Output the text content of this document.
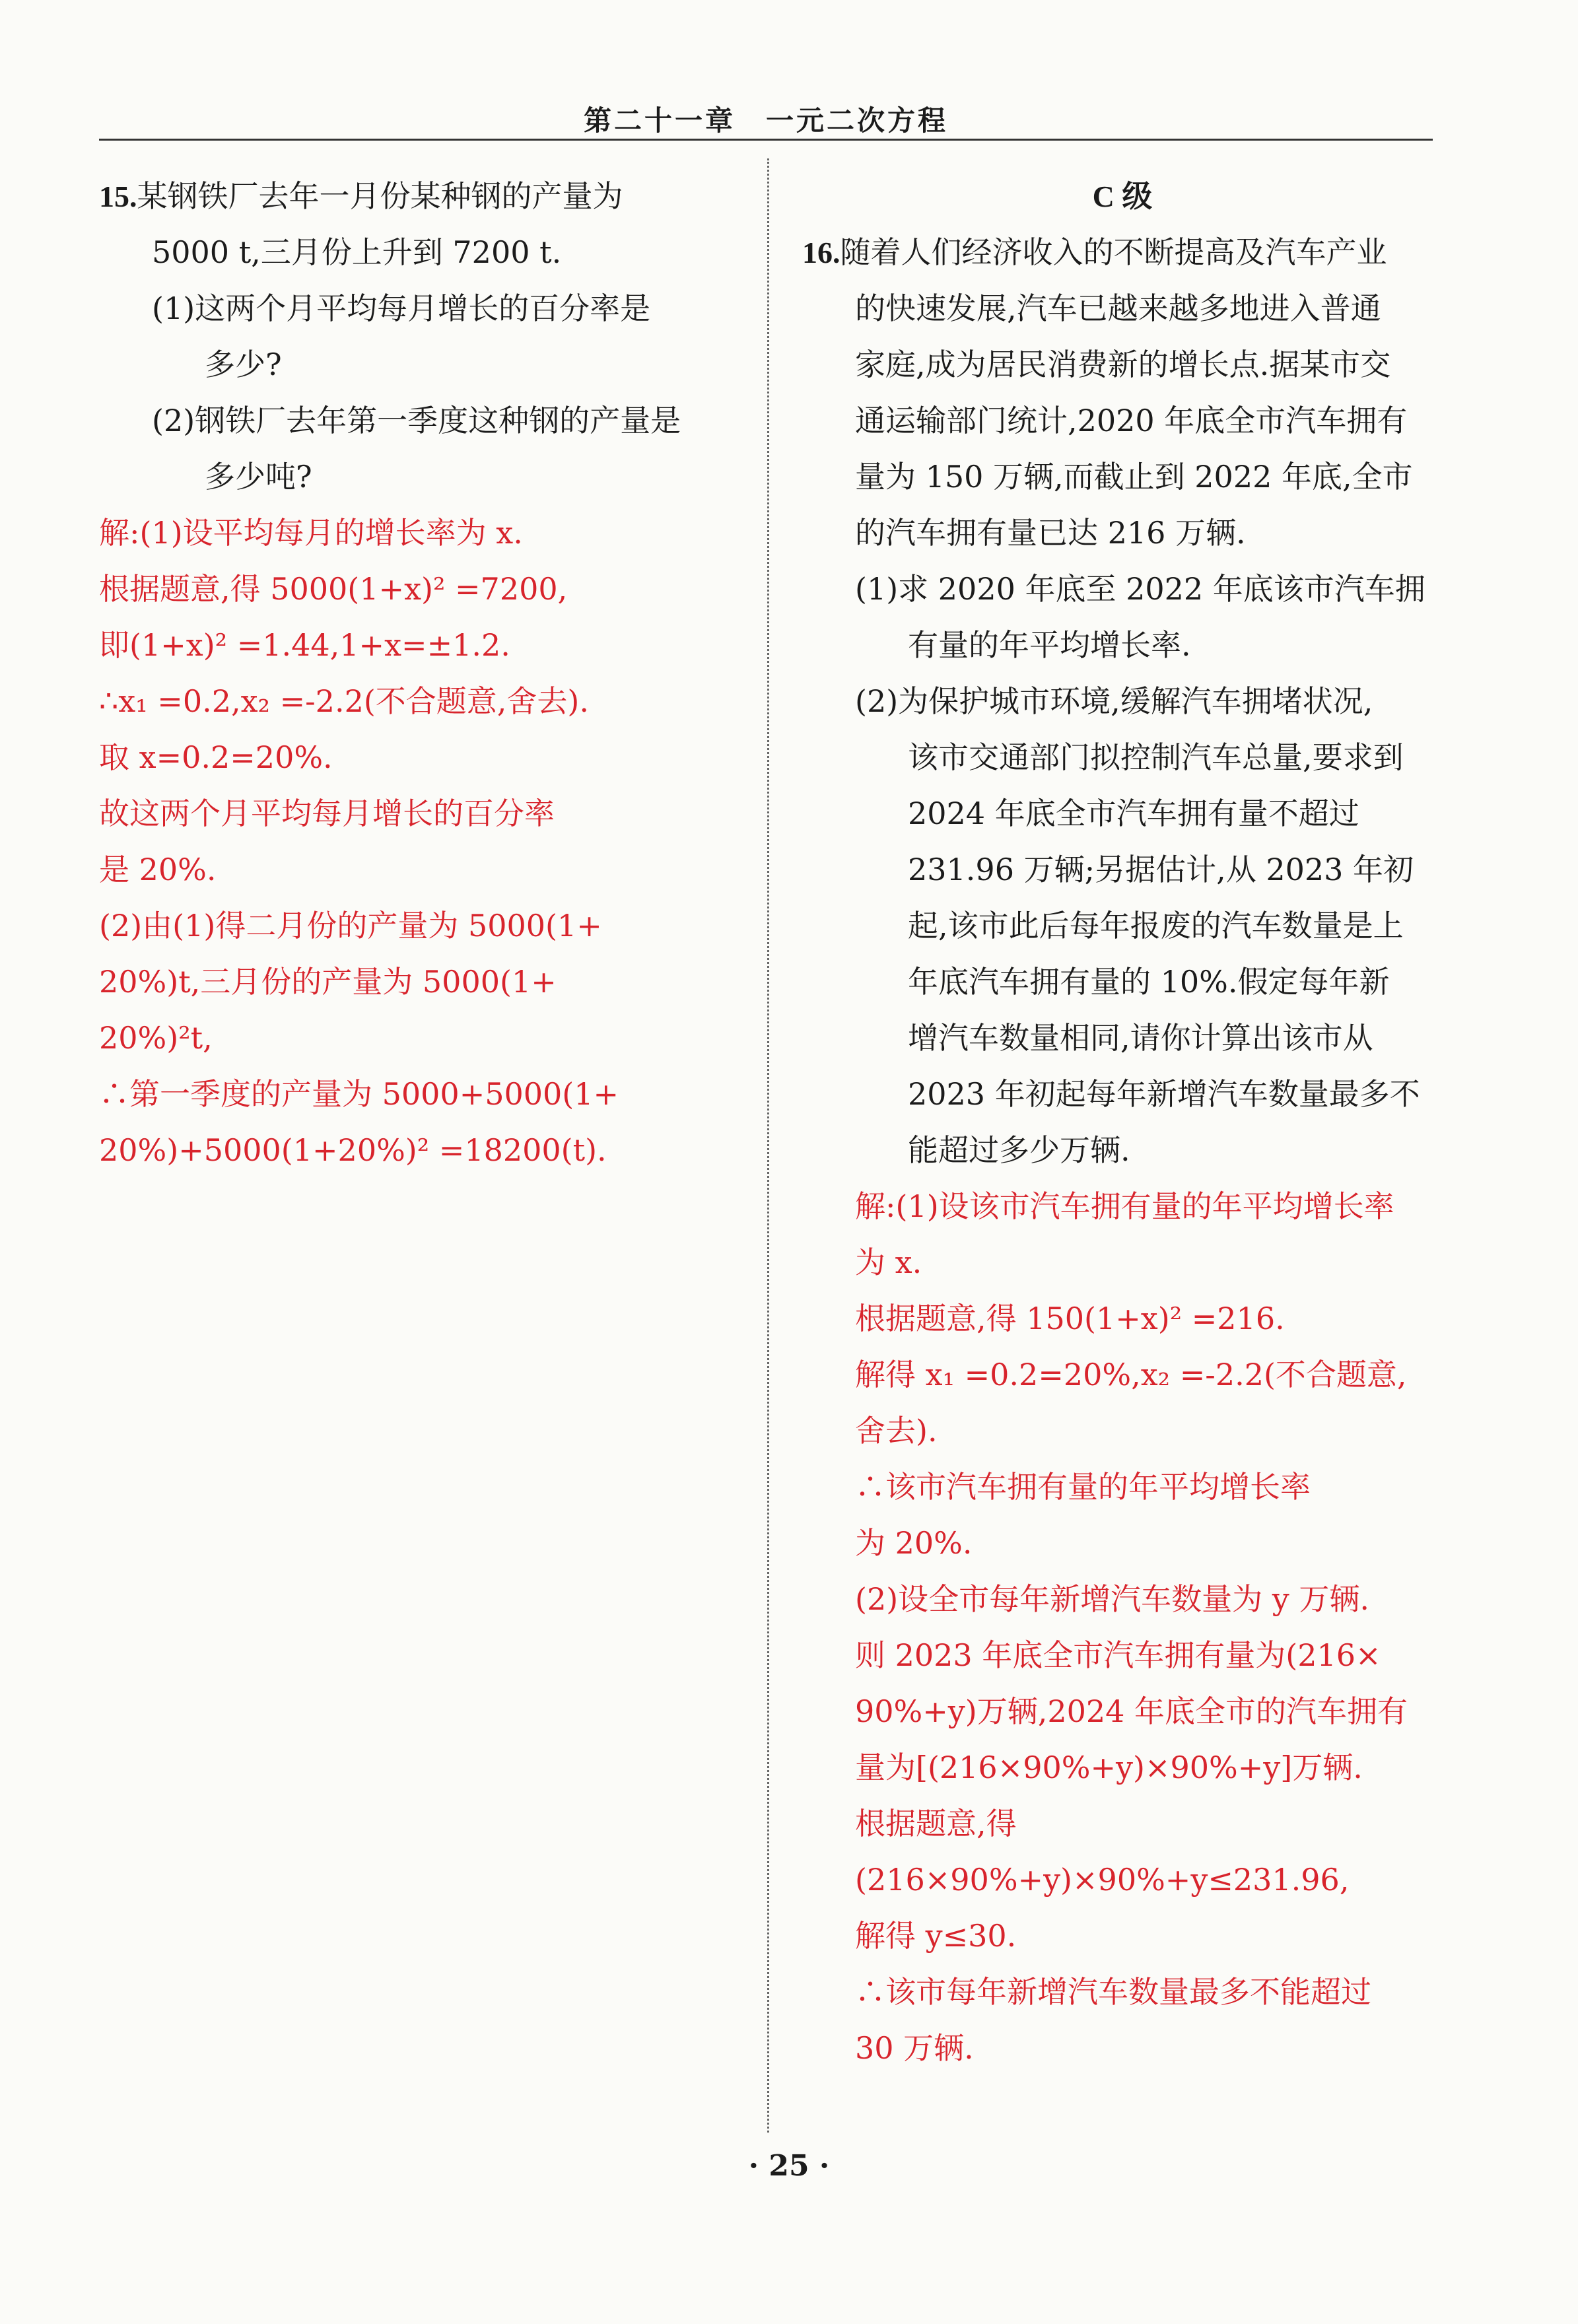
第二十一章　一元二次方程
15.某钢铁厂去年一月份某种钢的产量为
5000 t,三月份上升到 7200 t.
(1)这两个月平均每月增长的百分率是
多少?
(2)钢铁厂去年第一季度这种钢的产量是
多少吨?
解:(1)设平均每月的增长率为 x.
根据题意,得 5000(1+x)² =7200,
即(1+x)² =1.44,1+x=±1.2.
∴x₁ =0.2,x₂ =-2.2(不合题意,舍去).
取 x=0.2=20%.
故这两个月平均每月增长的百分率
是 20%.
(2)由(1)得二月份的产量为 5000(1+
20%)t,三月份的产量为 5000(1+
20%)²t,
∴第一季度的产量为 5000+5000(1+
20%)+5000(1+20%)² =18200(t).
C 级
16.随着人们经济收入的不断提高及汽车产业
的快速发展,汽车已越来越多地进入普通
家庭,成为居民消费新的增长点.据某市交
通运输部门统计,2020 年底全市汽车拥有
量为 150 万辆,而截止到 2022 年底,全市
的汽车拥有量已达 216 万辆.
(1)求 2020 年底至 2022 年底该市汽车拥
有量的年平均增长率.
(2)为保护城市环境,缓解汽车拥堵状况,
该市交通部门拟控制汽车总量,要求到
2024 年底全市汽车拥有量不超过
231.96 万辆;另据估计,从 2023 年初
起,该市此后每年报废的汽车数量是上
年底汽车拥有量的 10%.假定每年新
增汽车数量相同,请你计算出该市从
2023 年初起每年新增汽车数量最多不
能超过多少万辆.
解:(1)设该市汽车拥有量的年平均增长率
为 x.
根据题意,得 150(1+x)² =216.
解得 x₁ =0.2=20%,x₂ =-2.2(不合题意,
舍去).
∴该市汽车拥有量的年平均增长率
为 20%.
(2)设全市每年新增汽车数量为 y 万辆.
则 2023 年底全市汽车拥有量为(216×
90%+y)万辆,2024 年底全市的汽车拥有
量为[(216×90%+y)×90%+y]万辆.
根据题意,得
(216×90%+y)×90%+y≤231.96,
解得 y≤30.
∴该市每年新增汽车数量最多不能超过
30 万辆.
· 25 ·
